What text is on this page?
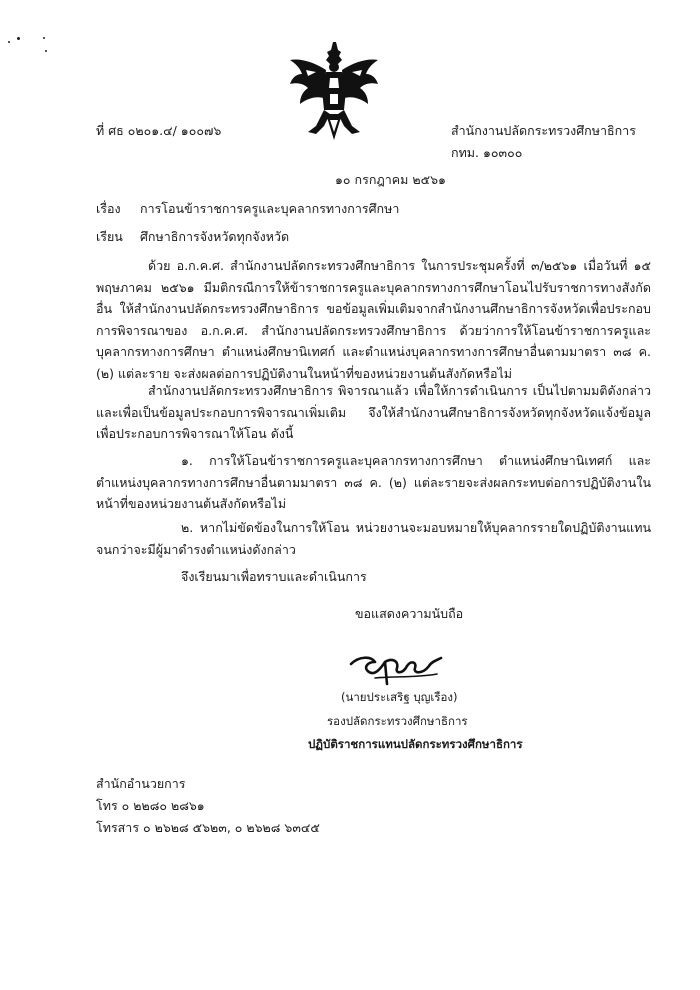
ที่ ศธ ๐๒๐๑.๔/ ๑๐๐๗๖	สำนักงานปลัดกระทรวงศึกษาธิการ
กทม. ๑๐๓๐๐
๑๐ กรกฎาคม ๒๕๖๑
เรื่อง การโอนข้าราชการครูและบุคลากรทางการศึกษา
เรียน ศึกษาธิการจังหวัดทุกจังหวัด
ด้วย อ.ก.ค.ศ. สำนักงานปลัดกระทรวงศึกษาธิการ ในการประชุมครั้งที่ ๓/๒๕๖๑ เมื่อวันที่ ๑๕ พฤษภาคม ๒๕๖๑ มีมติกรณีการให้ข้าราชการครูและบุคลากรทางการศึกษาโอนไปรับราชการทางสังกัดอื่น ให้สำนักงานปลัดกระทรวงศึกษาธิการ ขอข้อมูลเพิ่มเติมจากสำนักงานศึกษาธิการจังหวัดเพื่อประกอบการพิจารณาของ อ.ก.ค.ศ. สำนักงานปลัดกระทรวงศึกษาธิการ ด้วยว่าการให้โอนข้าราชการครูและบุคลากรทางการศึกษา ตำแหน่งศึกษานิเทศก์ และตำแหน่งบุคลากรทางการศึกษาอื่นตามมาตรา ๓๘ ค. (๒) แต่ละราย จะส่งผลต่อการปฏิบัติงานในหน้าที่ของหน่วยงานต้นสังกัดหรือไม่
สำนักงานปลัดกระทรวงศึกษาธิการ พิจารณาแล้ว เพื่อให้การดำเนินการ เป็นไปตามมติดังกล่าว และเพื่อเป็นข้อมูลประกอบการพิจารณาเพิ่มเติม จึงให้สำนักงานศึกษาธิการจังหวัดทุกจังหวัดแจ้งข้อมูลเพื่อประกอบการพิจารณาให้โอน ดังนี้
๑. การให้โอนข้าราชการครูและบุคลากรทางการศึกษา ตำแหน่งศึกษานิเทศก์ และตำแหน่งบุคลากรทางการศึกษาอื่นตามมาตรา ๓๘ ค. (๒) แต่ละรายจะส่งผลกระทบต่อการปฏิบัติงานในหน้าที่ของหน่วยงานต้นสังกัดหรือไม่
๒. หากไม่ขัดข้องในการให้โอน หน่วยงานจะมอบหมายให้บุคลากรรายใดปฏิบัติงานแทนจนกว่าจะมีผู้มาดำรงตำแหน่งดังกล่าว
จึงเรียนมาเพื่อทราบและดำเนินการ
ขอแสดงความนับถือ
(นายประเสริฐ บุญเรือง)
รองปลัดกระทรวงศึกษาธิการ
ปฏิบัติราชการแทนปลัดกระทรวงศึกษาธิการ
สำนักอำนวยการ
โทร ๐ ๒๒๘๐ ๒๘๖๑
โทรสาร ๐ ๒๖๒๘ ๕๖๒๓, ๐ ๒๖๒๘ ๖๓๔๕
